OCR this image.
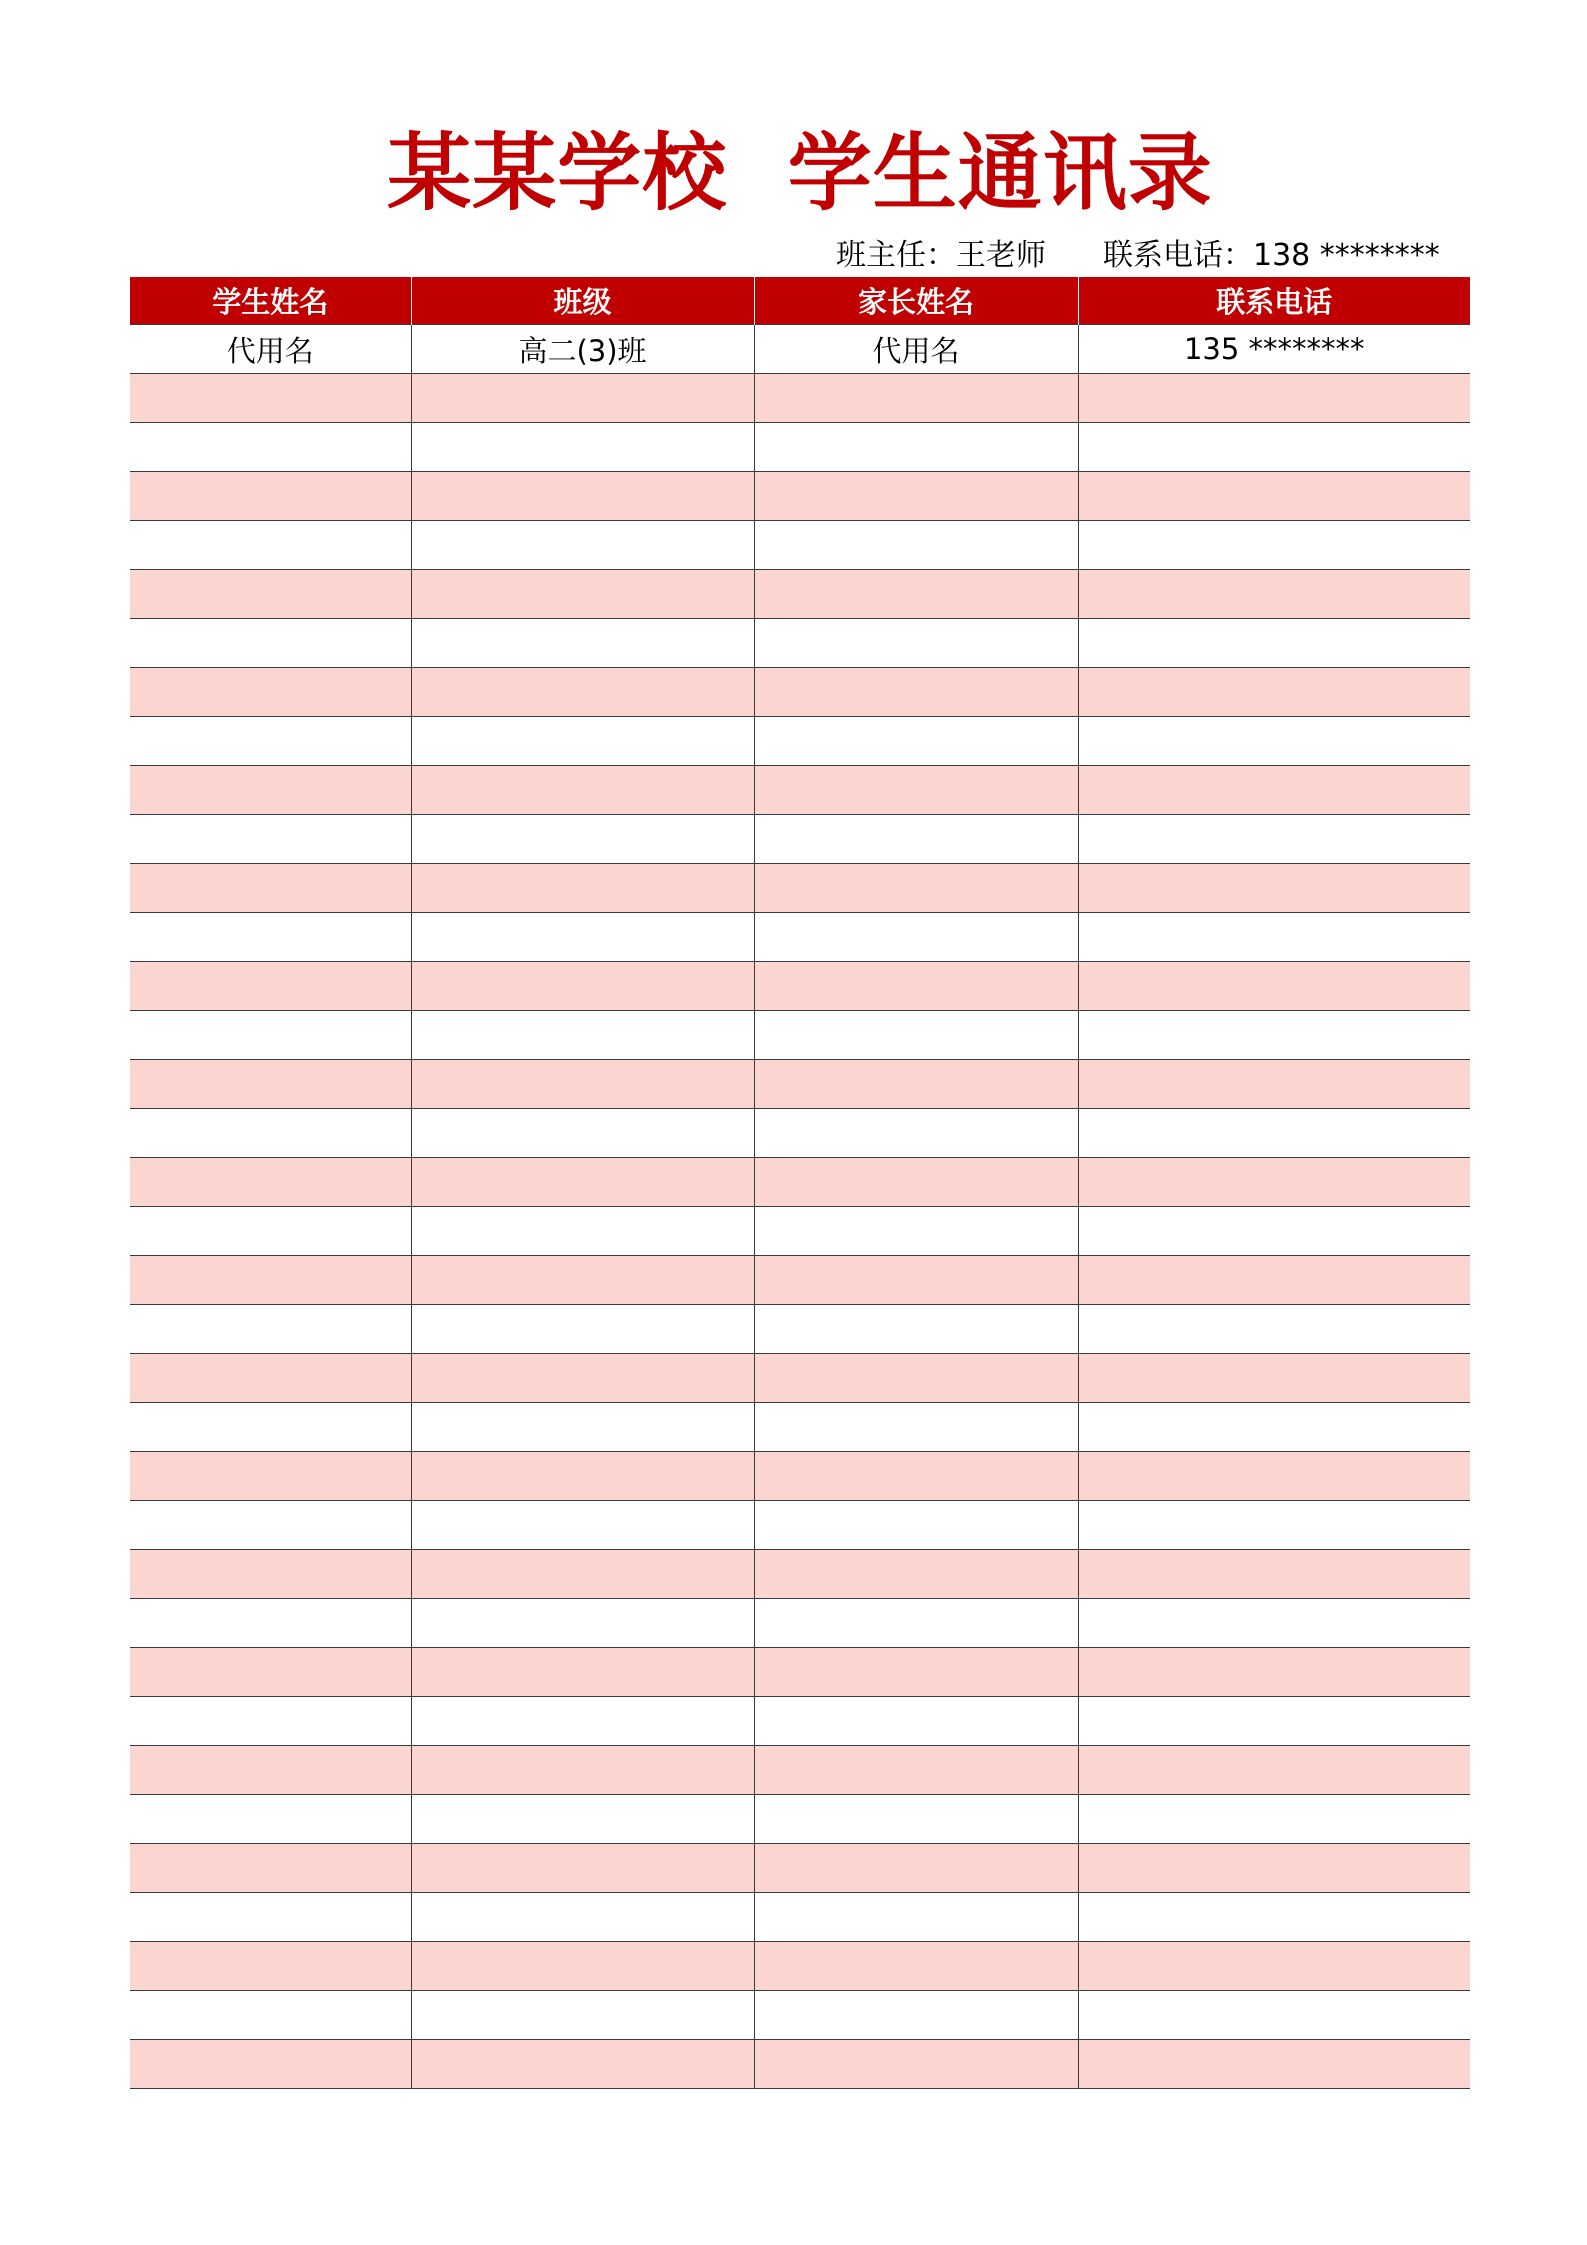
某某学校  学生通讯录
班主任：王老师 联系电话：138 ********
学生姓名	班级	家长姓名	联系电话
代用名	高二(3)班	代用名	135 ********
